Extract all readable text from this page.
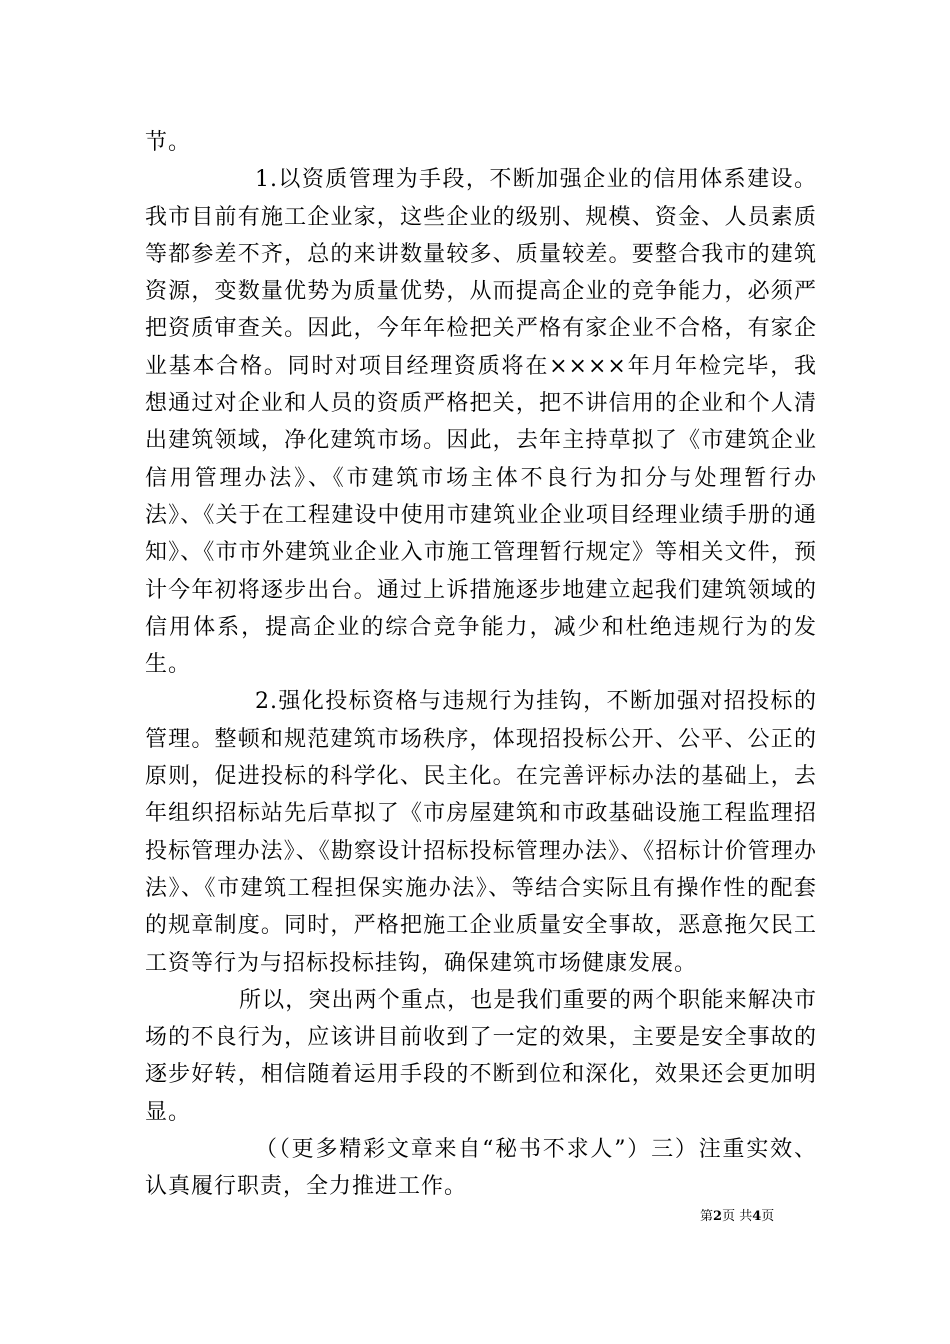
节。

1.以资质管理为手段，不断加强企业的信用体系建设。我市目前有施工企业家，这些企业的级别、规模、资金、人员素质等都参差不齐，总的来讲数量较多、质量较差。要整合我市的建筑资源，变数量优势为质量优势，从而提高企业的竞争能力，必须严把资质审查关。因此，今年年检把关严格有家企业不合格，有家企业基本合格。同时对项目经理资质将在××××年月年检完毕，我想通过对企业和人员的资质严格把关，把不讲信用的企业和个人清出建筑领域，净化建筑市场。因此，去年主持草拟了《市建筑企业信用管理办法》、《市建筑市场主体不良行为扣分与处理暂行办法》、《关于在工程建设中使用市建筑业企业项目经理业绩手册的通知》、《市市外建筑业企业入市施工管理暂行规定》等相关文件，预计今年初将逐步出台。通过上诉措施逐步地建立起我们建筑领域的信用体系，提高企业的综合竞争能力，减少和杜绝违规行为的发生。

2.强化投标资格与违规行为挂钩，不断加强对招投标的管理。整顿和规范建筑市场秩序，体现招投标公开、公平、公正的原则，促进投标的科学化、民主化。在完善评标办法的基础上，去年组织招标站先后草拟了《市房屋建筑和市政基础设施工程监理招投标管理办法》、《勘察设计招标投标管理办法》、《招标计价管理办法》、《市建筑工程担保实施办法》、等结合实际且有操作性的配套的规章制度。同时，严格把施工企业质量安全事故，恶意拖欠民工工资等行为与招标投标挂钩，确保建筑市场健康发展。

所以，突出两个重点，也是我们重要的两个职能来解决市场的不良行为，应该讲目前收到了一定的效果，主要是安全事故的逐步好转，相信随着运用手段的不断到位和深化，效果还会更加明显。

（（更多精彩文章来自“秘书不求人”）三）注重实效、认真履行职责，全力推进工作。

第2页 共4页
